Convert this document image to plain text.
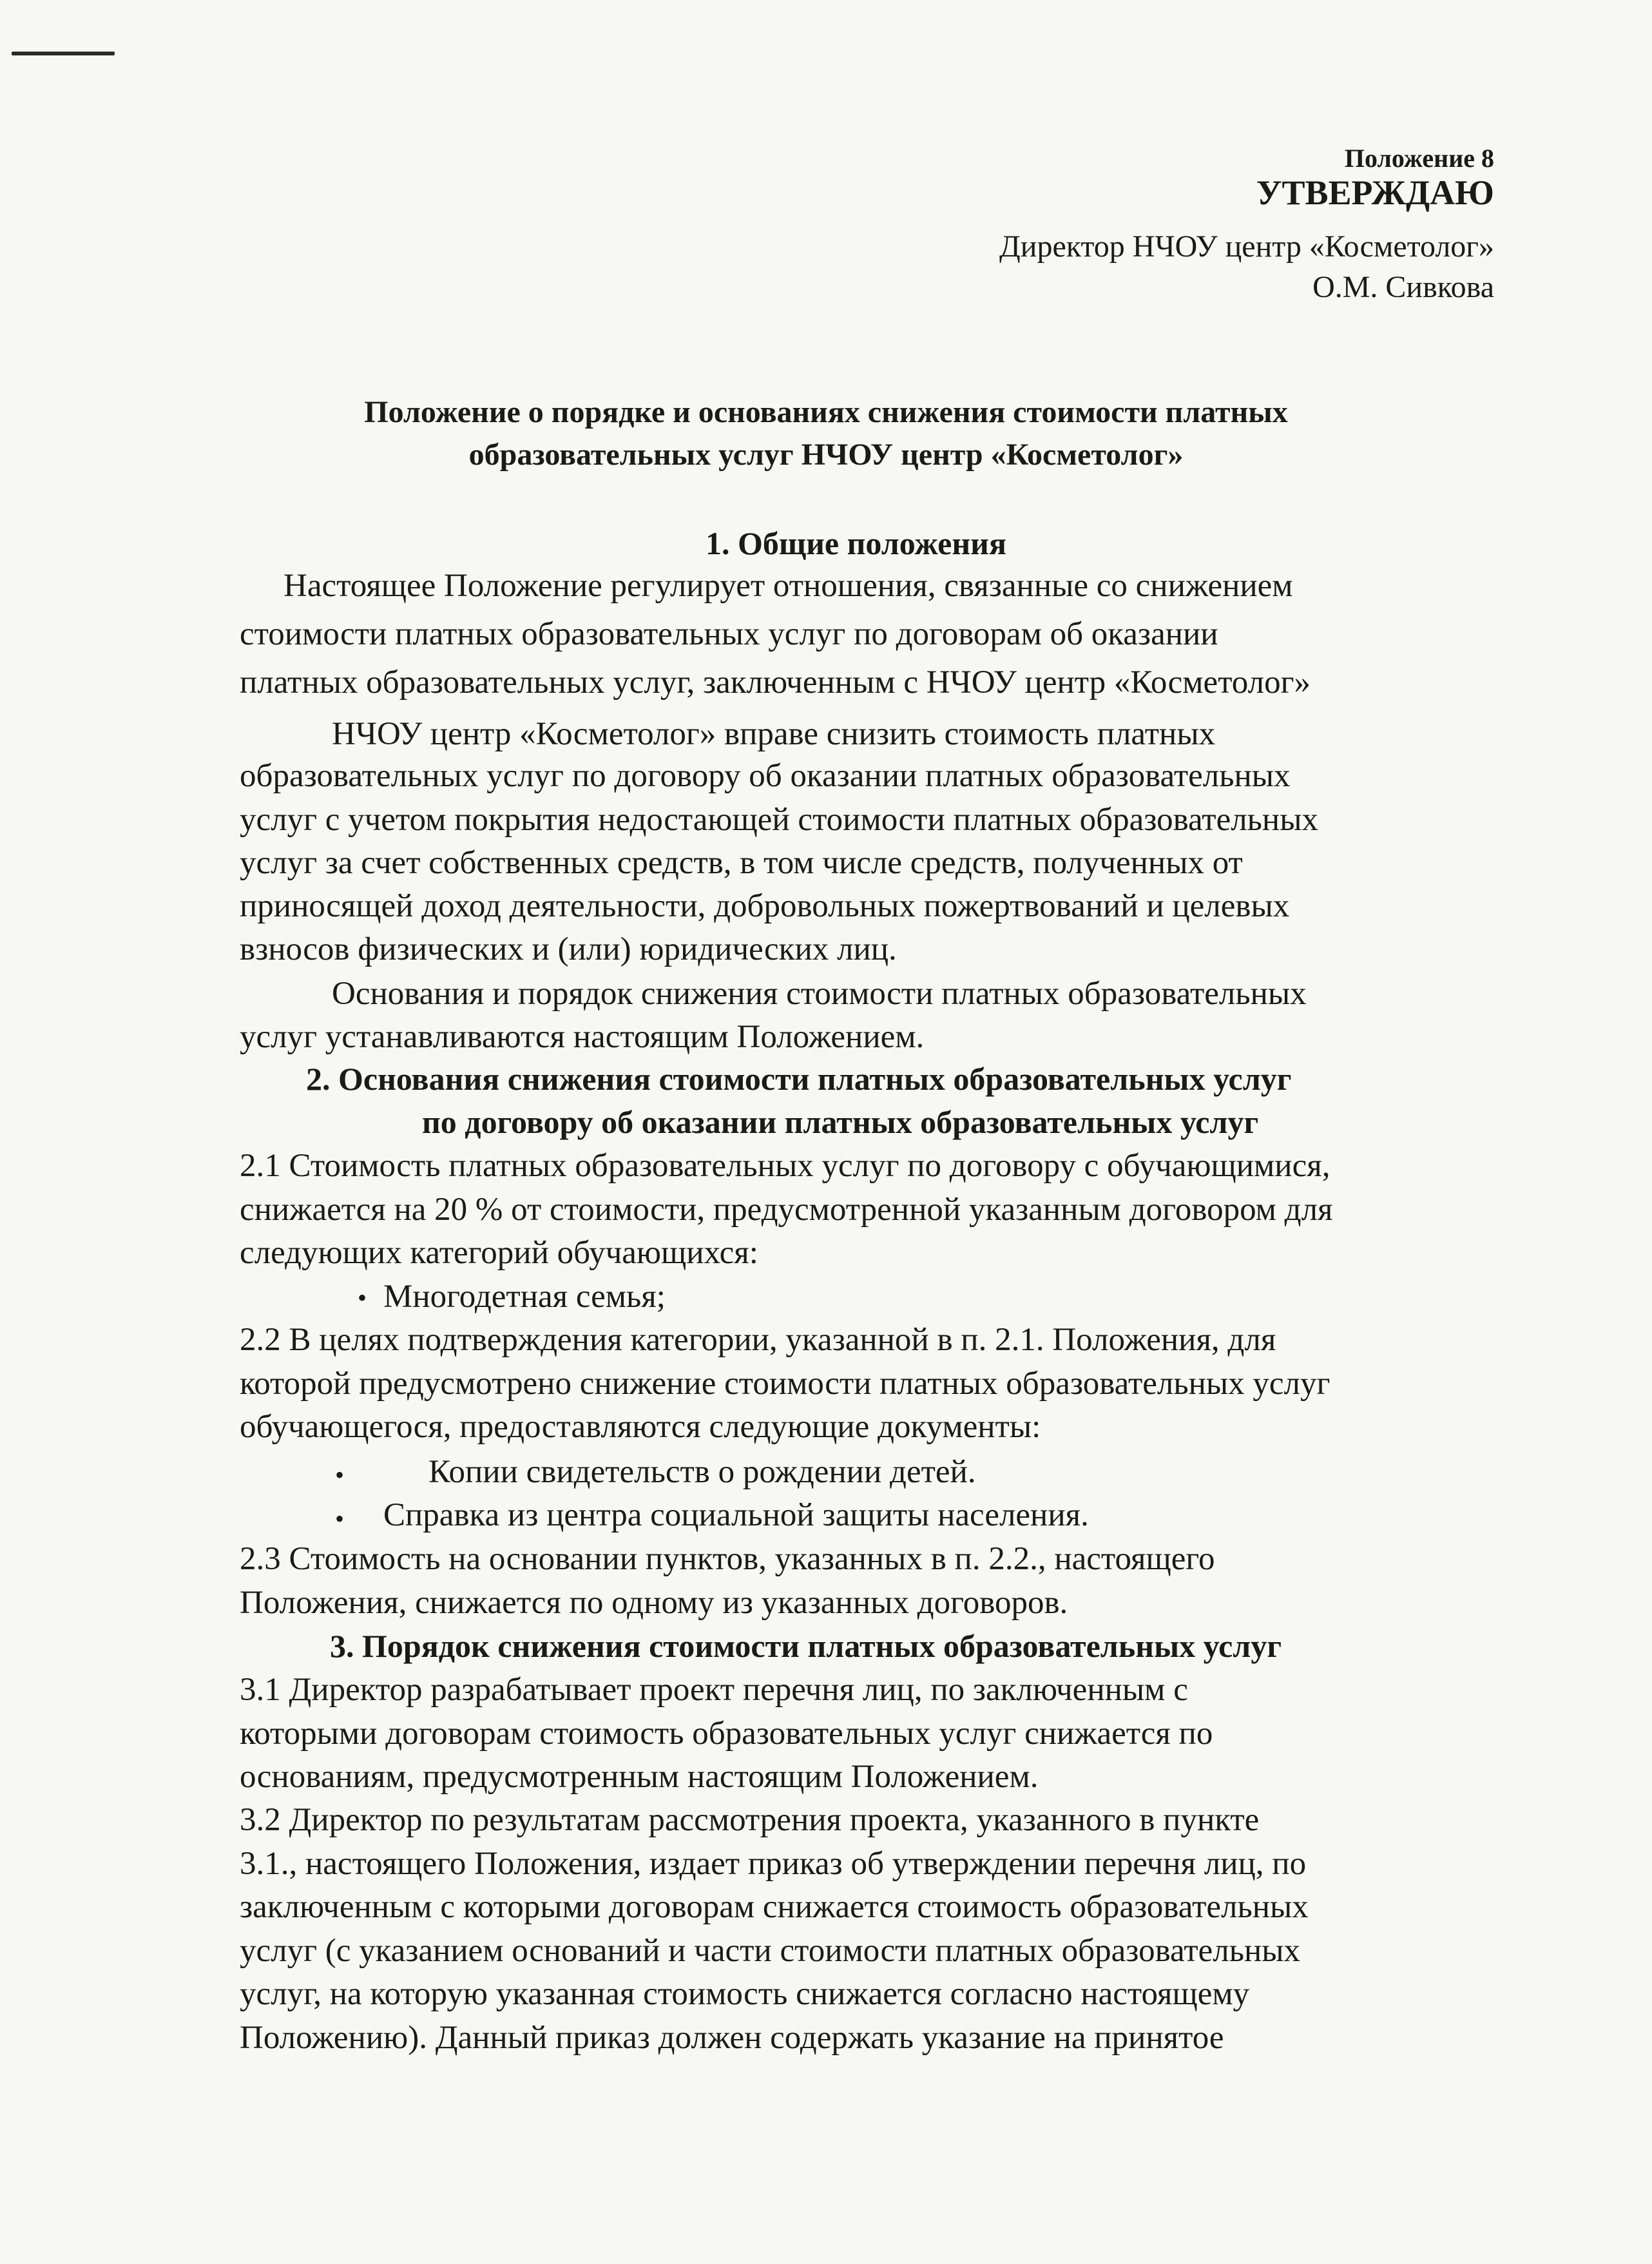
Положение 8
УТВЕРЖДАЮ
Директор НЧОУ центр «Косметолог»
О.М. Сивкова
Положение о порядке и основаниях снижения стоимости платных
образовательных услуг НЧОУ центр «Косметолог»
1. Общие положения
Настоящее Положение регулирует отношения, связанные со снижением
стоимости платных образовательных услуг по договорам об оказании
платных образовательных услуг, заключенным с НЧОУ центр «Косметолог»
НЧОУ центр «Косметолог» вправе снизить стоимость платных
образовательных услуг по договору об оказании платных образовательных
услуг с учетом покрытия недостающей стоимости платных образовательных
услуг за счет собственных средств, в том числе средств, полученных от
приносящей доход деятельности, добровольных пожертвований и целевых
взносов физических и (или) юридических лиц.
Основания и порядок снижения стоимости платных образовательных
услуг устанавливаются настоящим Положением.
2. Основания снижения стоимости платных образовательных услуг
по договору об оказании платных образовательных услуг
2.1 Стоимость платных образовательных услуг по договору с обучающимися,
снижается на 20 % от стоимости, предусмотренной указанным договором для
следующих категорий обучающихся:
• Многодетная семья;
2.2 В целях подтверждения категории, указанной в п. 2.1. Положения, для
которой предусмотрено снижение стоимости платных образовательных услуг
обучающегося, предоставляются следующие документы:
•	Копии свидетельств о рождении детей.
• Справка из центра социальной защиты населения.
2.3 Стоимость на основании пунктов, указанных в п. 2.2., настоящего
Положения, снижается по одному из указанных договоров.
3. Порядок снижения стоимости платных образовательных услуг
3.1 Директор разрабатывает проект перечня лиц, по заключенным с
которыми договорам стоимость образовательных услуг снижается по
основаниям, предусмотренным настоящим Положением.
3.2 Директор по результатам рассмотрения проекта, указанного в пункте
3.1., настоящего Положения, издает приказ об утверждении перечня лиц, по
заключенным с которыми договорам снижается стоимость образовательных
услуг (с указанием оснований и части стоимости платных образовательных
услуг, на которую указанная стоимость снижается согласно настоящему
Положению). Данный приказ должен содержать указание на принятое
